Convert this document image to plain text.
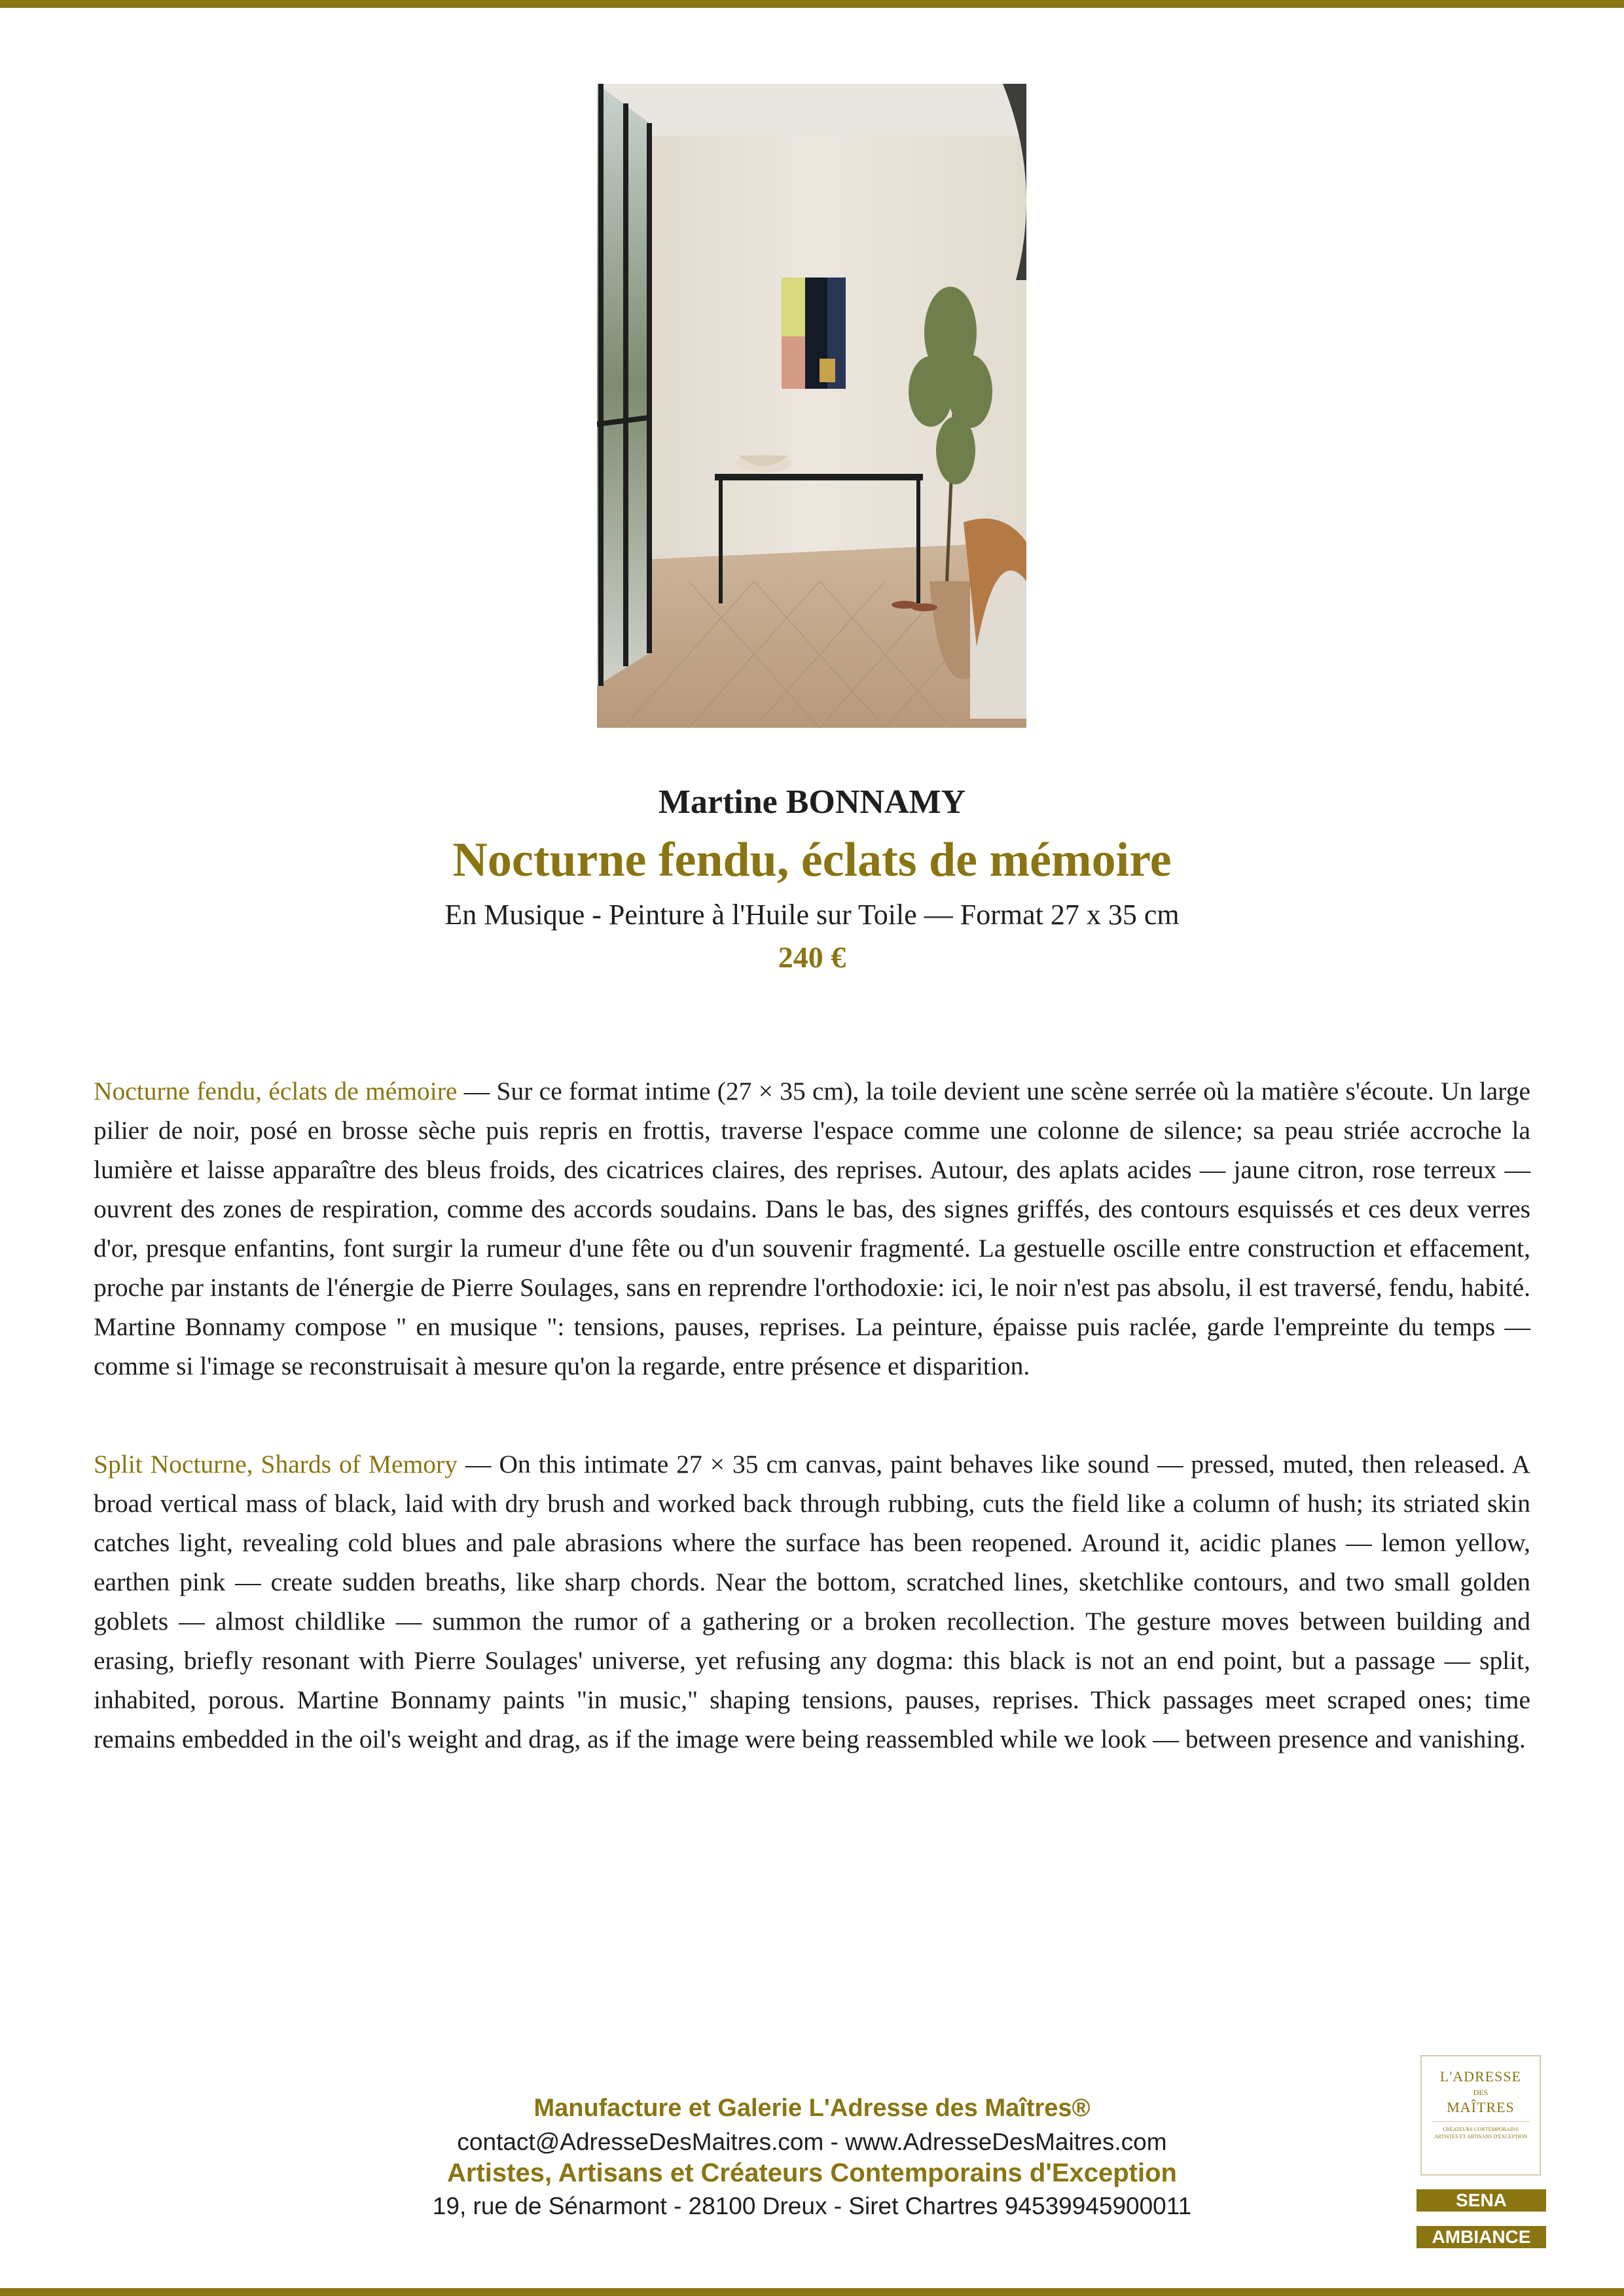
Martine BONNAMY
Nocturne fendu, éclats de mémoire
En Musique - Peinture à l'Huile sur Toile — Format 27 x 35 cm
240 €

Nocturne fendu, éclats de mémoire — Sur ce format intime (27 × 35 cm), la toile devient une scène serrée où la matière s'écoute. Un large pilier de noir, posé en brosse sèche puis repris en frottis, traverse l'espace comme une colonne de silence; sa peau striée accroche la lumière et laisse apparaître des bleus froids, des cicatrices claires, des reprises. Autour, des aplats acides — jaune citron, rose terreux — ouvrent des zones de respiration, comme des accords soudains. Dans le bas, des signes griffés, des contours esquissés et ces deux verres d'or, presque enfantins, font surgir la rumeur d'une fête ou d'un souvenir fragmenté. La gestuelle oscille entre construction et effacement, proche par instants de l'énergie de Pierre Soulages, sans en reprendre l'orthodoxie: ici, le noir n'est pas absolu, il est traversé, fendu, habité. Martine Bonnamy compose " en musique ": tensions, pauses, reprises. La peinture, épaisse puis raclée, garde l'empreinte du temps — comme si l'image se reconstruisait à mesure qu'on la regarde, entre présence et disparition.

Split Nocturne, Shards of Memory — On this intimate 27 × 35 cm canvas, paint behaves like sound — pressed, muted, then released. A broad vertical mass of black, laid with dry brush and worked back through rubbing, cuts the field like a column of hush; its striated skin catches light, revealing cold blues and pale abrasions where the surface has been reopened. Around it, acidic planes — lemon yellow, earthen pink — create sudden breaths, like sharp chords. Near the bottom, scratched lines, sketchlike contours, and two small golden goblets — almost childlike — summon the rumor of a gathering or a broken recollection. The gesture moves between building and erasing, briefly resonant with Pierre Soulages' universe, yet refusing any dogma: this black is not an end point, but a passage — split, inhabited, porous. Martine Bonnamy paints "in music," shaping tensions, pauses, reprises. Thick passages meet scraped ones; time remains embedded in the oil's weight and drag, as if the image were being reassembled while we look — between presence and vanishing.

Manufacture et Galerie L'Adresse des Maîtres®
contact@AdresseDesMaitres.com - www.AdresseDesMaitres.com
Artistes, Artisans et Créateurs Contemporains d'Exception
19, rue de Sénarmont - 28100 Dreux - Siret Chartres 94539945900011
L'ADRESSE
DES
MAÎTRES
CRÉATEURS CONTEMPORAINS ARTISTES ET ARTISANS D'EXCEPTION
SENA
AMBIANCE
